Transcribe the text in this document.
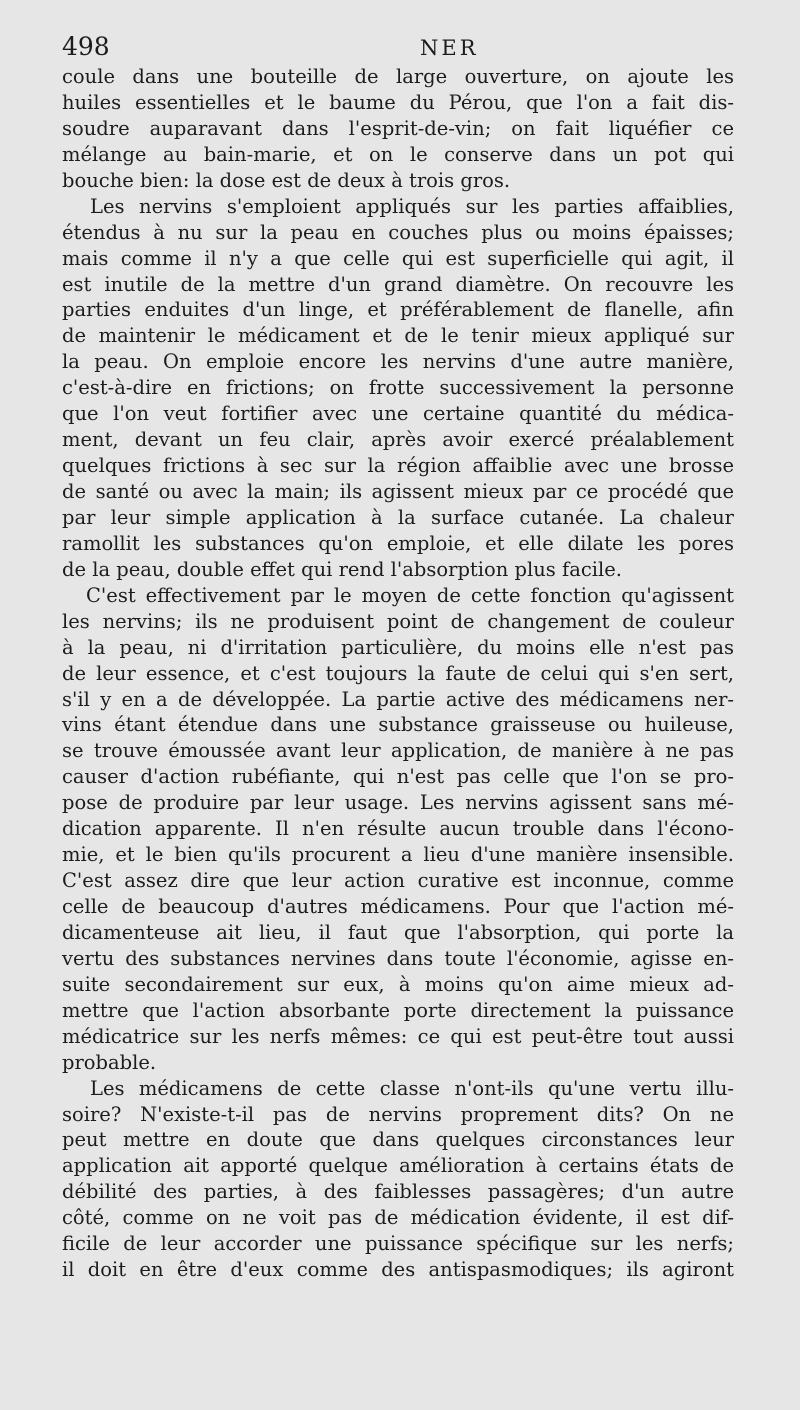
498	NER
coule dans une bouteille de large ouverture, on ajoute les
huiles essentielles et le baume du Pérou, que l'on a fait dis-
soudre auparavant dans l'esprit-de-vin; on fait liquéfier ce
mélange au bain-marie, et on le conserve dans un pot qui
bouche bien: la dose est de deux à trois gros.
Les nervins s'emploient appliqués sur les parties affaiblies,
étendus à nu sur la peau en couches plus ou moins épaisses;
mais comme il n'y a que celle qui est superficielle qui agit, il
est inutile de la mettre d'un grand diamètre. On recouvre les
parties enduites d'un linge, et préférablement de flanelle, afin
de maintenir le médicament et de le tenir mieux appliqué sur
la peau. On emploie encore les nervins d'une autre manière,
c'est-à-dire en frictions; on frotte successivement la personne
que l'on veut fortifier avec une certaine quantité du médica-
ment, devant un feu clair, après avoir exercé préalablement
quelques frictions à sec sur la région affaiblie avec une brosse
de santé ou avec la main; ils agissent mieux par ce procédé que
par leur simple application à la surface cutanée. La chaleur
ramollit les substances qu'on emploie, et elle dilate les pores
de la peau, double effet qui rend l'absorption plus facile.
C'est effectivement par le moyen de cette fonction qu'agissent
les nervins; ils ne produisent point de changement de couleur
à la peau, ni d'irritation particulière, du moins elle n'est pas
de leur essence, et c'est toujours la faute de celui qui s'en sert,
s'il y en a de développée. La partie active des médicamens ner-
vins étant étendue dans une substance graisseuse ou huileuse,
se trouve émoussée avant leur application, de manière à ne pas
causer d'action rubéfiante, qui n'est pas celle que l'on se pro-
pose de produire par leur usage. Les nervins agissent sans mé-
dication apparente. Il n'en résulte aucun trouble dans l'écono-
mie, et le bien qu'ils procurent a lieu d'une manière insensible.
C'est assez dire que leur action curative est inconnue, comme
celle de beaucoup d'autres médicamens. Pour que l'action mé-
dicamenteuse ait lieu, il faut que l'absorption, qui porte la
vertu des substances nervines dans toute l'économie, agisse en-
suite secondairement sur eux, à moins qu'on aime mieux ad-
mettre que l'action absorbante porte directement la puissance
médicatrice sur les nerfs mêmes: ce qui est peut-être tout aussi
probable.
Les médicamens de cette classe n'ont-ils qu'une vertu illu-
soire? N'existe-t-il pas de nervins proprement dits? On ne
peut mettre en doute que dans quelques circonstances leur
application ait apporté quelque amélioration à certains états de
débilité des parties, à des faiblesses passagères; d'un autre
côté, comme on ne voit pas de médication évidente, il est dif-
ficile de leur accorder une puissance spécifique sur les nerfs;
il doit en être d'eux comme des antispasmodiques; ils agiront
